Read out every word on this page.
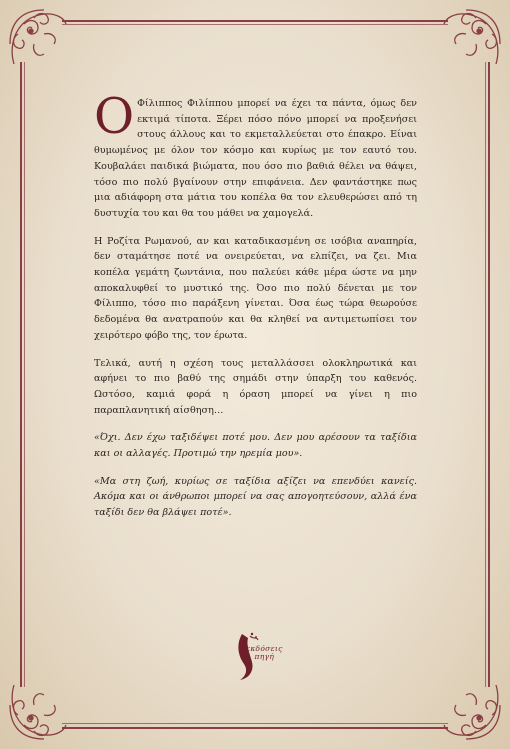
Ο Φίλιππος Φιλίππου μπορεί να έχει τα πάντα, όμως δεν εκτιμά τίποτα. Ξέρει πόσο πόνο μπορεί να προξενήσει στους άλλους και το εκμεταλλεύεται στο έπακρο. Είναι θυμωμένος με όλον τον κόσμο και κυρίως με τον εαυτό του. Κουβαλάει παιδικά βιώματα, που όσο πιο βαθιά θέλει να θάψει, τόσο πιο πολύ βγαίνουν στην επιφάνεια. Δεν φαντάστηκε πως μια αδιάφορη στα μάτια του κοπέλα θα τον ελευθερώσει από τη δυστυχία του και θα του μάθει να χαμογελά.

Η Ροζίτα Ρωμανού, αν και καταδικασμένη σε ισόβια αναπηρία, δεν σταμάτησε ποτέ να ονειρεύεται, να ελπίζει, να ζει. Μια κοπέλα γεμάτη ζωντάνια, που παλεύει κάθε μέρα ώστε να μην αποκαλυφθεί το μυστικό της. Όσο πιο πολύ δένεται με τον Φίλιππο, τόσο πιο παράξενη γίνεται. Όσα έως τώρα θεωρούσε δεδομένα θα ανατραπούν και θα κληθεί να αντιμετωπίσει τον χειρότερο φόβο της, τον έρωτα.

Τελικά, αυτή η σχέση τους μεταλλάσσει ολοκληρωτικά και αφήνει το πιο βαθύ της σημάδι στην ύπαρξη του καθενός. Ωστόσο, καμιά φορά η όραση μπορεί να γίνει η πιο παραπλανητική αίσθηση…

«Όχι. Δεν έχω ταξιδέψει ποτέ μου. Δεν μου αρέσουν τα ταξίδια και οι αλλαγές. Προτιμώ την ηρεμία μου».

«Μα στη ζωή, κυρίως σε ταξίδια αξίζει να επενδύει κανείς. Ακόμα και οι άνθρωποι μπορεί να σας απογοητεύσουν, αλλά ένα ταξίδι δεν θα βλάψει ποτέ».

εκδόσεις
πηγή
